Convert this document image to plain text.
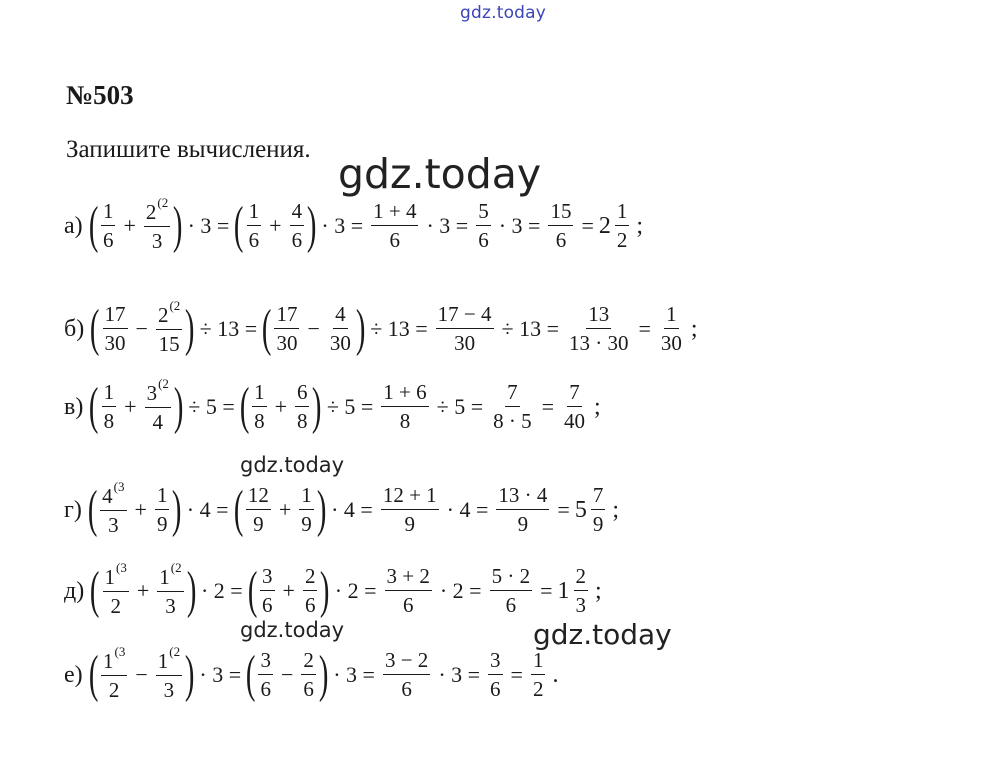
gdz.today
gdz.today
gdz.today
gdz.today	gdz.today
№503
Запишите вычисления.
а) ( $\frac{1}{6} + \frac{2^{(2}}{3}$ ) · 3 = ( $\frac{1}{6} + \frac{4}{6}$ ) · $3 = \frac{1 + 4}{6} \cdot 3 = \frac{5}{6} \cdot 3 = \frac{15}{6} = 2 \frac{1}{2}$ ;
б) ( $\frac{17}{30} - \frac{2^{(2}}{15}$ ) ÷ 13 = ( $\frac{17}{30} - \frac{4}{30}$ ) ÷ $13 = \frac{17 - 4}{30} \div 13 = \frac{13}{13 \cdot 30} = \frac{1}{30}$ ;
в) ( $\frac{1}{8} + \frac{3^{(2}}{4}$ ) ÷ 5 = ( $\frac{1}{8} + \frac{6}{8}$ ) ÷ $5 = \frac{1 + 6}{8} \div 5 = \frac{7}{8 \cdot 5} = \frac{7}{40}$ ;
г) ( $\frac{4^{(3}}{3} + \frac{1}{9}$ ) · 4 = ( $\frac{12}{9} + \frac{1}{9}$ ) · $4 = \frac{12 + 1}{9} \cdot 4 = \frac{13 \cdot 4}{9} = 5 \frac{7}{9}$ ;
д) ( $\frac{1^{(3}}{2} + \frac{1^{(2}}{3}$ ) · 2 = ( $\frac{3}{6} + \frac{2}{6}$ ) · $2 = \frac{3 + 2}{6} \cdot 2 = \frac{5 \cdot 2}{6} = 1 \frac{2}{3}$ ;
е) ( $\frac{1^{(3}}{2} - \frac{1^{(2}}{3}$ ) · 3 = ( $\frac{3}{6} - \frac{2}{6}$ ) · $3 = \frac{3 - 2}{6} \cdot 3 = \frac{3}{6} = \frac{1}{2}$ .
